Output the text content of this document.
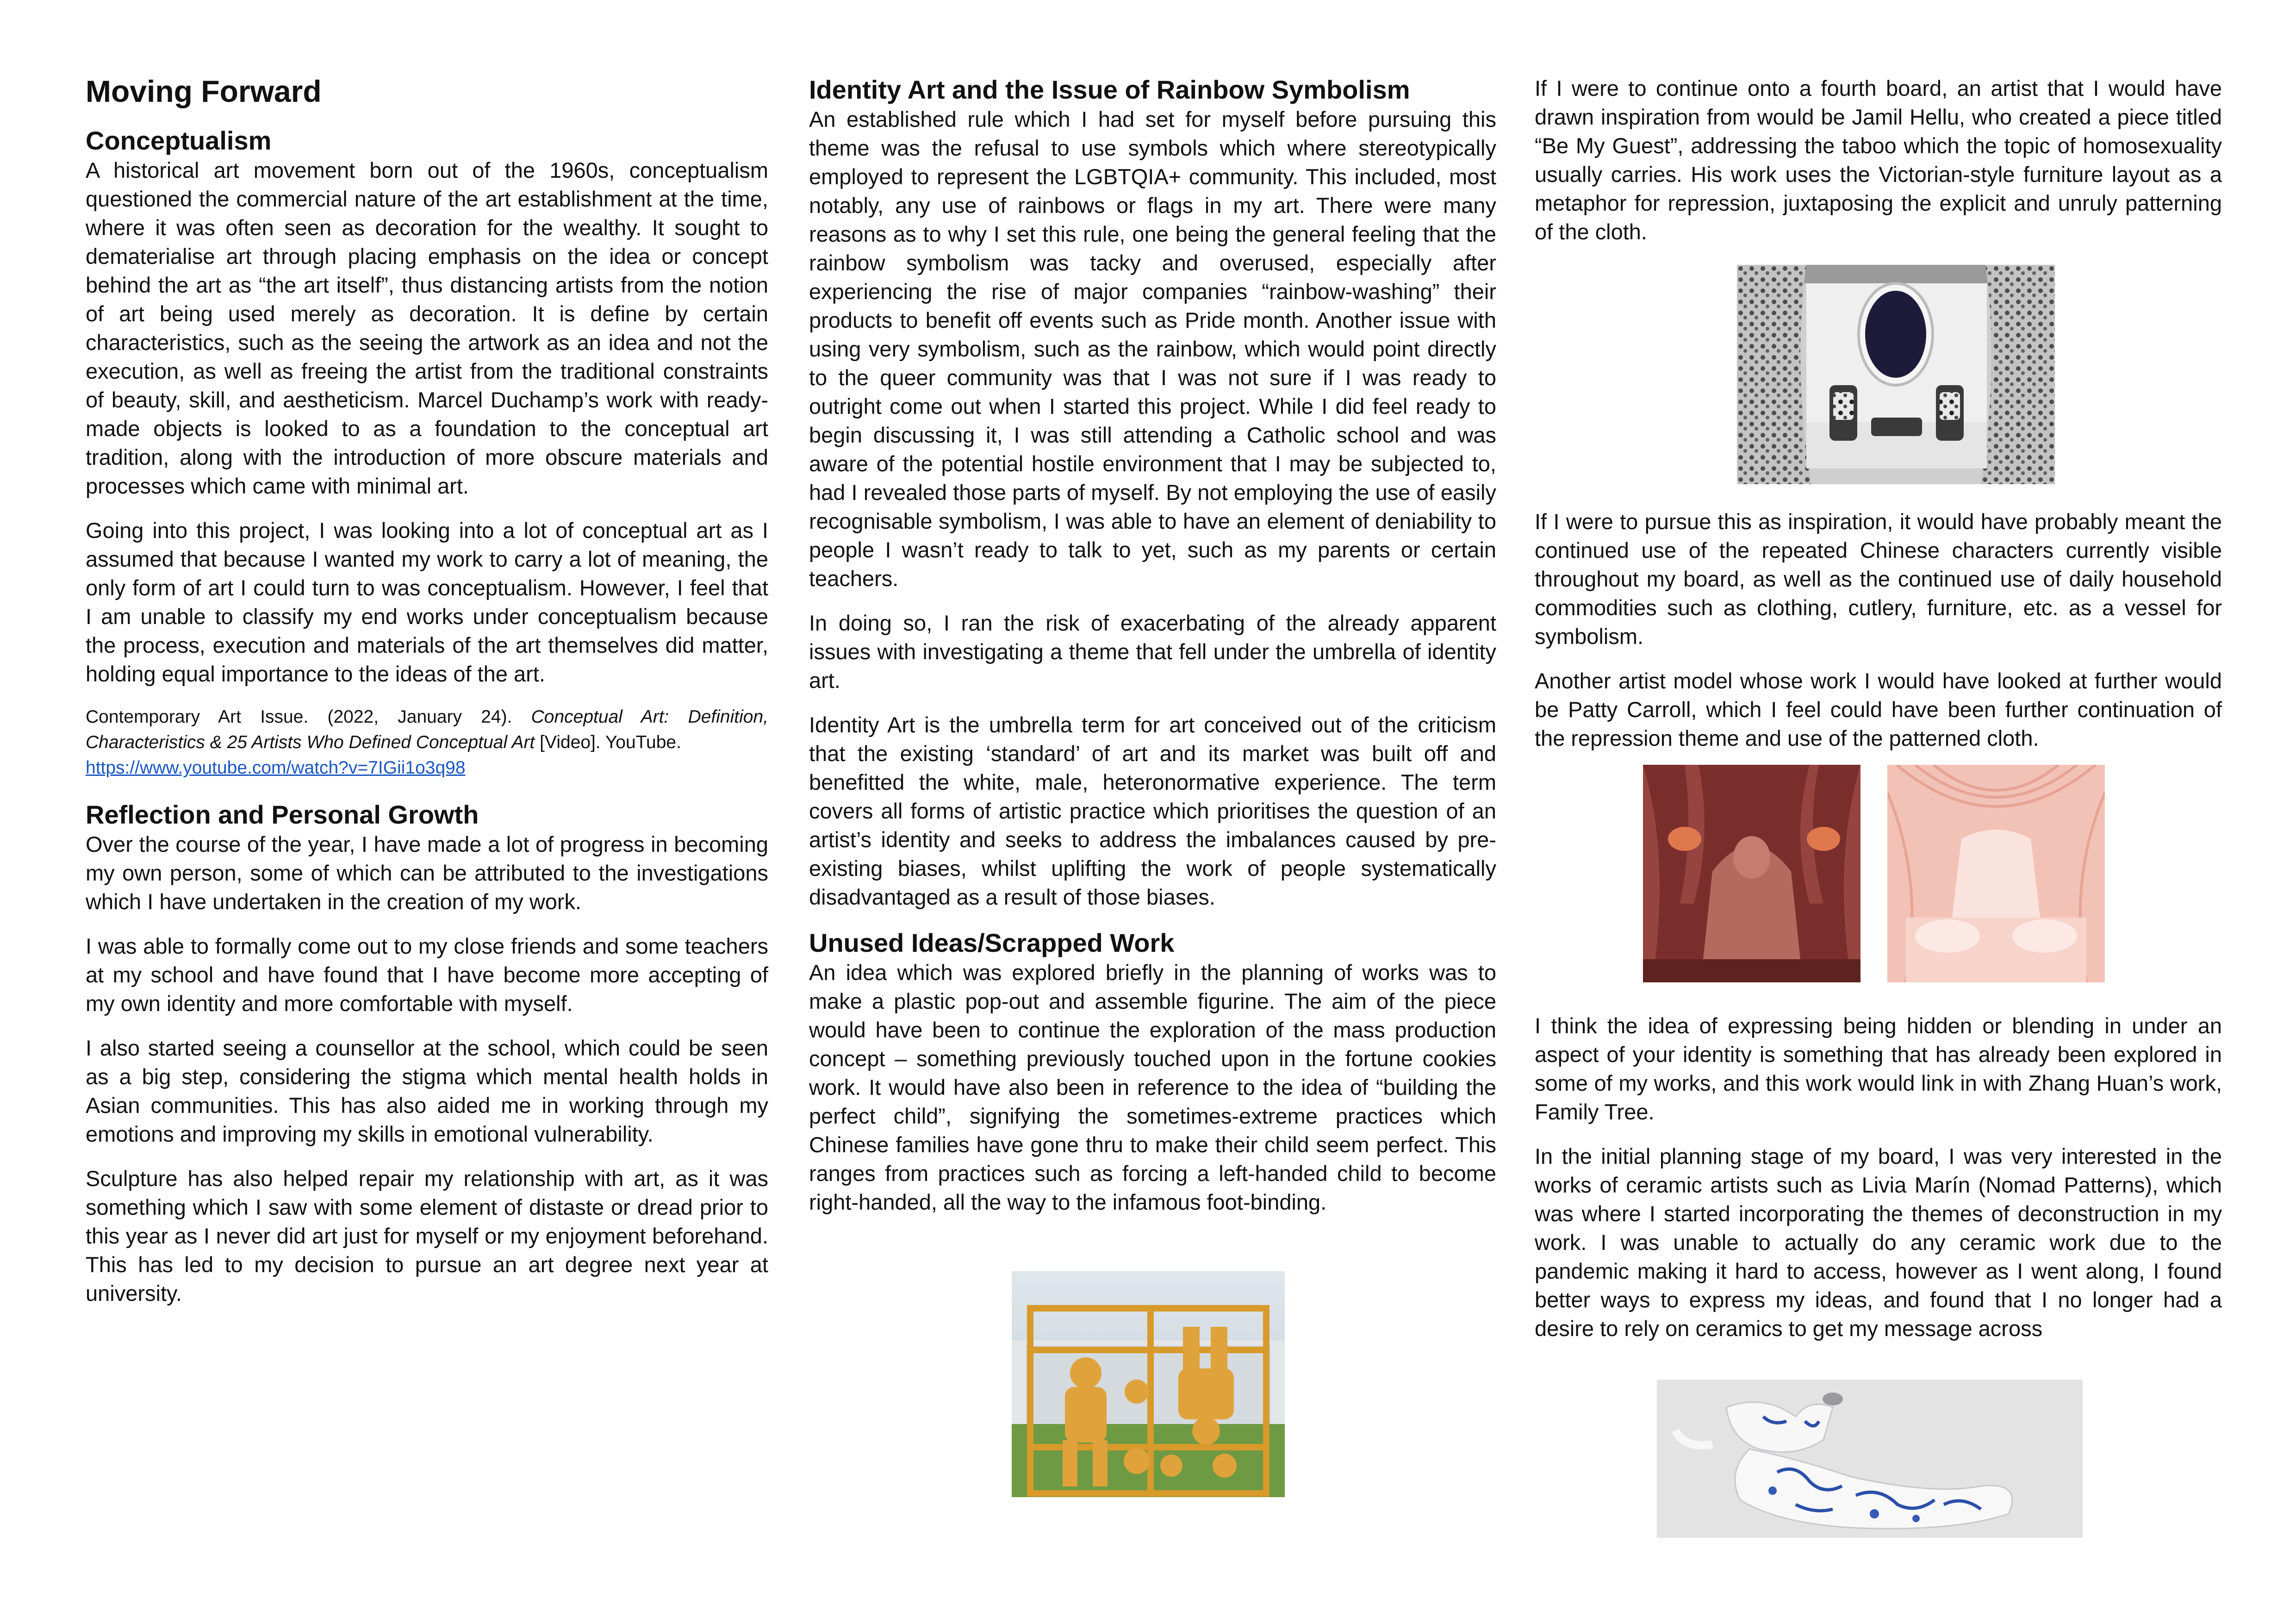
Moving Forward
Conceptualism

A historical art movement born out of the 1960s, conceptualism questioned the commercial nature of the art establishment at the time, where it was often seen as decoration for the wealthy. It sought to dematerialise art through placing emphasis on the idea or concept behind the art as “the art itself”, thus distancing artists from the notion of art being used merely as decoration. It is define by certain characteristics, such as the seeing the artwork as an idea and not the execution, as well as freeing the artist from the traditional constraints of beauty, skill, and aestheticism. Marcel Duchamp’s work with ready-made objects is looked to as a foundation to the conceptual art tradition, along with the introduction of more obscure materials and processes which came with minimal art.

Going into this project, I was looking into a lot of conceptual art as I assumed that because I wanted my work to carry a lot of meaning, the only form of art I could turn to was conceptualism. However, I feel that I am unable to classify my end works under conceptualism because the process, execution and materials of the art themselves did matter, holding equal importance to the ideas of the art.

Contemporary Art Issue. (2022, January 24). Conceptual Art: Definition, Characteristics & 25 Artists Who Defined Conceptual Art [Video]. YouTube.
https://www.youtube.com/watch?v=7IGii1o3q98
Reflection and Personal Growth

Over the course of the year, I have made a lot of progress in becoming my own person, some of which can be attributed to the investigations which I have undertaken in the creation of my work.

I was able to formally come out to my close friends and some teachers at my school and have found that I have become more accepting of my own identity and more comfortable with myself.

I also started seeing a counsellor at the school, which could be seen as a big step, considering the stigma which mental health holds in Asian communities. This has also aided me in working through my emotions and improving my skills in emotional vulnerability.

Sculpture has also helped repair my relationship with art, as it was something which I saw with some element of distaste or dread prior to this year as I never did art just for myself or my enjoyment beforehand. This has led to my decision to pursue an art degree next year at university.

Identity Art and the Issue of Rainbow Symbolism

An established rule which I had set for myself before pursuing this theme was the refusal to use symbols which where stereotypically employed to represent the LGBTQIA+ community. This included, most notably, any use of rainbows or flags in my art. There were many reasons as to why I set this rule, one being the general feeling that the rainbow symbolism was tacky and overused, especially after experiencing the rise of major companies “rainbow-washing” their products to benefit off events such as Pride month. Another issue with using very symbolism, such as the rainbow, which would point directly to the queer community was that I was not sure if I was ready to outright come out when I started this project. While I did feel ready to begin discussing it, I was still attending a Catholic school and was aware of the potential hostile environment that I may be subjected to, had I revealed those parts of myself. By not employing the use of easily recognisable symbolism, I was able to have an element of deniability to people I wasn’t ready to talk to yet, such as my parents or certain teachers.

In doing so, I ran the risk of exacerbating of the already apparent issues with investigating a theme that fell under the umbrella of identity art.

Identity Art is the umbrella term for art conceived out of the criticism that the existing ‘standard’ of art and its market was built off and benefitted the white, male, heteronormative experience. The term covers all forms of artistic practice which prioritises the question of an artist’s identity and seeks to address the imbalances caused by pre-existing biases, whilst uplifting the work of people systematically disadvantaged as a result of those biases.

Unused Ideas/Scrapped Work

An idea which was explored briefly in the planning of works was to make a plastic pop-out and assemble figurine. The aim of the piece would have been to continue the exploration of the mass production concept – something previously touched upon in the fortune cookies work. It would have also been in reference to the idea of “building the perfect child”, signifying the sometimes-extreme practices which Chinese families have gone thru to make their child seem perfect. This ranges from practices such as forcing a left-handed child to become right-handed, all the way to the infamous foot-binding.

If I were to continue onto a fourth board, an artist that I would have drawn inspiration from would be Jamil Hellu, who created a piece titled “Be My Guest”, addressing the taboo which the topic of homosexuality usually carries. His work uses the Victorian-style furniture layout as a metaphor for repression, juxtaposing the explicit and unruly patterning of the cloth.

If I were to pursue this as inspiration, it would have probably meant the continued use of the repeated Chinese characters currently visible throughout my board, as well as the continued use of daily household commodities such as clothing, cutlery, furniture, etc. as a vessel for symbolism.

Another artist model whose work I would have looked at further would be Patty Carroll, which I feel could have been further continuation of the repression theme and use of the patterned cloth.

I think the idea of expressing being hidden or blending in under an aspect of your identity is something that has already been explored in some of my works, and this work would link in with Zhang Huan’s work, Family Tree.

In the initial planning stage of my board, I was very interested in the works of ceramic artists such as Livia Marín (Nomad Patterns), which was where I started incorporating the themes of deconstruction in my work. I was unable to actually do any ceramic work due to the pandemic making it hard to access, however as I went along, I found better ways to express my ideas, and found that I no longer had a desire to rely on ceramics to get my message across
